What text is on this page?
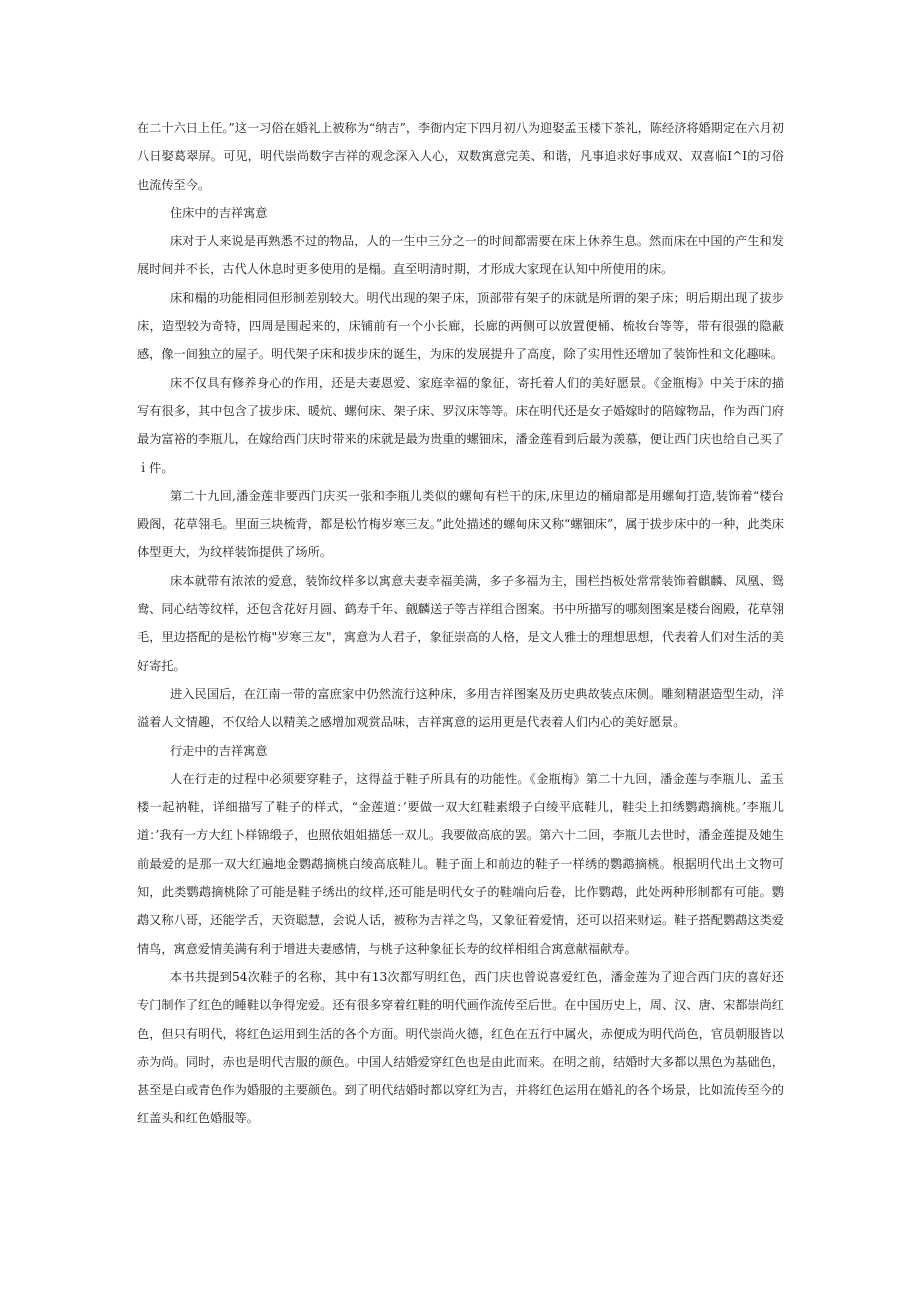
在二十六日上任。”这一习俗在婚礼上被称为“纳吉”，李衙内定下四月初八为迎娶孟玉楼下茶礼，陈经济将婚期定在六月初八日娶葛翠屏。可见，明代崇尚数字吉祥的观念深入人心，双数寓意完美、和谐，凡事追求好事成双、双喜临I^I的习俗也流传至今。

住床中的吉祥寓意

床对于人来说是再熟悉不过的物品，人的一生中三分之一的时间都需要在床上休养生息。然而床在中国的产生和发展时间并不长，古代人休息时更多使用的是榻。直至明清时期，才形成大家现在认知中所使用的床。

床和榻的功能相同但形制差别较大。明代出现的架子床，顶部带有架子的床就是所谓的架子床；明后期出现了拔步床，造型较为奇特，四周是围起来的，床铺前有一个小长廊，长廊的两侧可以放置便桶、梳妆台等等，带有很强的隐蔽感，像一间独立的屋子。明代架子床和拔步床的诞生，为床的发展提升了高度，除了实用性还增加了装饰性和文化趣味。

床不仅具有修养身心的作用，还是夫妻恩爱、家庭幸福的象征，寄托着人们的美好愿景。《金瓶梅》中关于床的描写有很多，其中包含了拔步床、暖炕、螺何床、架子床、罗汉床等等。床在明代还是女子婚嫁时的陪嫁物品，作为西门府最为富裕的李瓶儿，在嫁给西门庆时带来的床就是最为贵重的螺钿床，潘金莲看到后最为羡慕，便让西门庆也给自己买了ｉ件。

第二十九回,潘金莲非要西门庆买一张和李瓶儿类似的螺甸有栏干的床,床里边的桶扇都是用螺甸打造,装饰着“楼台殿阁，花草翎毛。里面三块梳背，都是松竹梅岁寒三友。”此处描述的螺甸床又称“螺钿床”，属于拔步床中的一种，此类床体型更大，为纹样装饰提供了场所。

床本就带有浓浓的爱意，装饰纹样多以寓意夫妻幸福美满，多子多福为主，围栏挡板处常常装饰着麒麟、凤凰、鸳鸯、同心结等纹样，还包含花好月圆、鹤寿千年、觎麟送子等吉祥组合图案。书中所描写的哪刻图案是楼台阁殿，花草翎毛，里边搭配的是松竹梅"岁寒三友"，寓意为人君子，象征崇高的人格，是文人雅士的理想思想，代表着人们对生活的美好寄托。

进入民国后，在江南一带的富庶家中仍然流行这种床，多用吉祥图案及历史典故装点床侧。雕刻精湛造型生动，洋溢着人文情趣，不仅给人以精美之感增加观赏品味，吉祥寓意的运用更是代表着人们内心的美好愿景。

行走中的吉祥寓意

人在行走的过程中必须要穿鞋子，这得益于鞋子所具有的功能性。《金瓶梅》第二十九回，潘金莲与李瓶儿、孟玉楼一起衲鞋，详细描写了鞋子的样式，“金莲道：’要做一双大红鞋素缎子白绫平底鞋儿，鞋尖上扣绣鹦鹉摘桃。’李瓶儿道：’我有一方大红卜样锦缎子，也照依姐姐描恁一双儿。我要做高底的罢。第六十二回，李瓶儿去世时，潘金莲提及她生前最爱的是那一双大红遍地金鹦鹉摘桃白绫高底鞋儿。鞋子面上和前边的鞋子一样绣的鹦鹉摘桃。根据明代出土文物可知，此类鹦鹉摘桃除了可能是鞋子绣出的纹样,还可能是明代女子的鞋端向后卷，比作鹦鹉，此处两种形制都有可能。鹦鹉又称八哥，还能学舌，天资聪慧，会说人话，被称为吉祥之鸟，又象征着爱情，还可以招来财运。鞋子搭配鹦鹉这类爱情鸟，寓意爱情美满有利于增进夫妻感情，与桃子这种象征长寿的纹样相组合寓意献福献寿。

本书共提到54次鞋子的名称，其中有13次都写明红色，西门庆也曾说喜爱红色，潘金莲为了迎合西门庆的喜好还专门制作了红色的睡鞋以争得宠爱。还有很多穿着红鞋的明代画作流传至后世。在中国历史上，周、汉、唐、宋都崇尚红色，但只有明代，将红色运用到生活的各个方面。明代崇尚火德，红色在五行中属火，赤便成为明代尚色，官员朝服皆以赤为尚。同时，赤也是明代吉服的颜色。中国人结婚爱穿红色也是由此而来。在明之前，结婚时大多都以黑色为基础色，甚至是白或青色作为婚服的主要颜色。到了明代结婚时都以穿红为吉，并将红色运用在婚礼的各个场景，比如流传至今的红盖头和红色婚服等。
